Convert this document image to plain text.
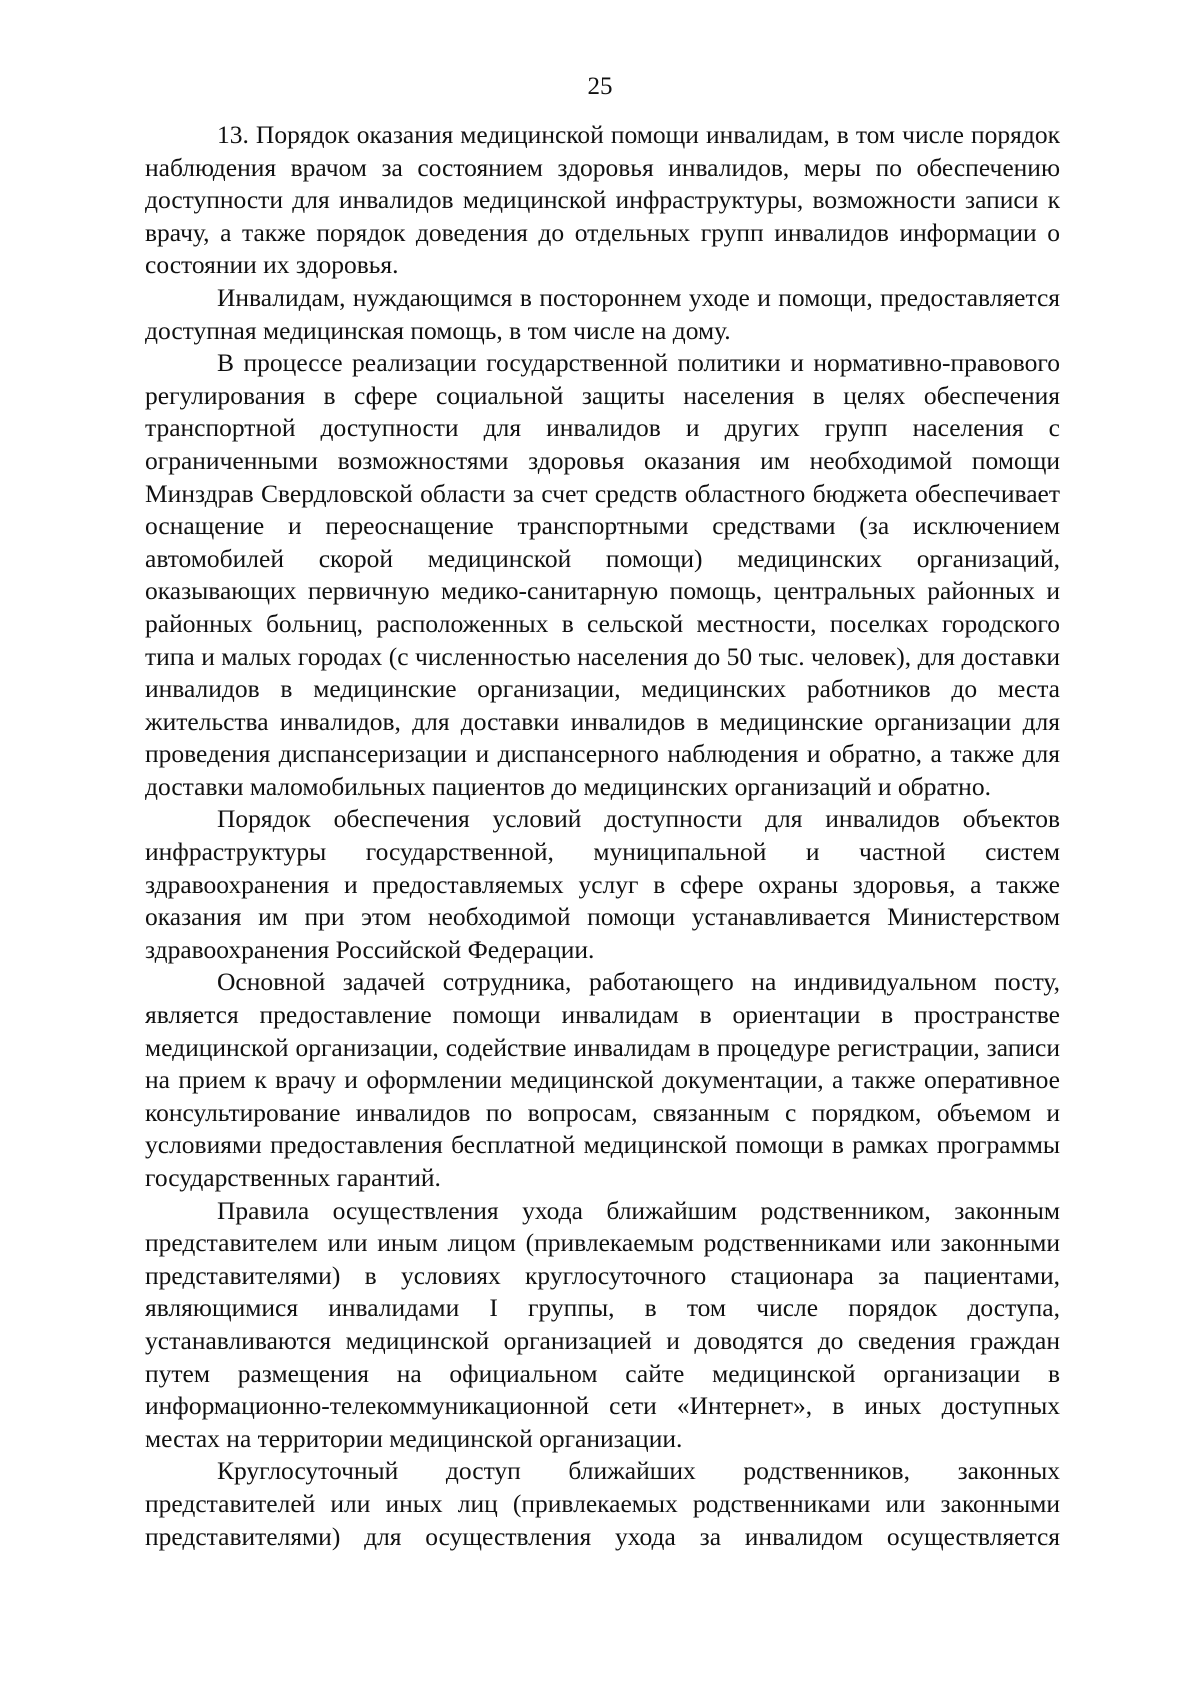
25

13. Порядок оказания медицинской помощи инвалидам, в том числе порядок наблюдения врачом за состоянием здоровья инвалидов, меры по обеспечению доступности для инвалидов медицинской инфраструктуры, возможности записи к врачу, а также порядок доведения до отдельных групп инвалидов информации о состоянии их здоровья.

Инвалидам, нуждающимся в постороннем уходе и помощи, предоставляется доступная медицинская помощь, в том числе на дому.

В процессе реализации государственной политики и нормативно-правового регулирования в сфере социальной защиты населения в целях обеспечения транспортной доступности для инвалидов и других групп населения с ограниченными возможностями здоровья оказания им необходимой помощи Минздрав Свердловской области за счет средств областного бюджета обеспечивает оснащение и переоснащение транспортными средствами (за исключением автомобилей скорой медицинской помощи) медицинских организаций, оказывающих первичную медико-санитарную помощь, центральных районных и районных больниц, расположенных в сельской местности, поселках городского типа и малых городах (с численностью населения до 50 тыс. человек), для доставки инвалидов в медицинские организации, медицинских работников до места жительства инвалидов, для доставки инвалидов в медицинские организации для проведения диспансеризации и диспансерного наблюдения и обратно, а также для доставки маломобильных пациентов до медицинских организаций и обратно.

Порядок обеспечения условий доступности для инвалидов объектов инфраструктуры государственной, муниципальной и частной систем здравоохранения и предоставляемых услуг в сфере охраны здоровья, а также оказания им при этом необходимой помощи устанавливается Министерством здравоохранения Российской Федерации.

Основной задачей сотрудника, работающего на индивидуальном посту, является предоставление помощи инвалидам в ориентации в пространстве медицинской организации, содействие инвалидам в процедуре регистрации, записи на прием к врачу и оформлении медицинской документации, а также оперативное консультирование инвалидов по вопросам, связанным с порядком, объемом и условиями предоставления бесплатной медицинской помощи в рамках программы государственных гарантий.

Правила осуществления ухода ближайшим родственником, законным представителем или иным лицом (привлекаемым родственниками или законными представителями) в условиях круглосуточного стационара за пациентами, являющимися инвалидами I группы, в том числе порядок доступа, устанавливаются медицинской организацией и доводятся до сведения граждан путем размещения на официальном сайте медицинской организации в информационно-телекоммуникационной сети «Интернет», в иных доступных местах на территории медицинской организации.

Круглосуточный доступ ближайших родственников, законных представителей или иных лиц (привлекаемых родственниками или законными представителями) для осуществления ухода за инвалидом осуществляется
